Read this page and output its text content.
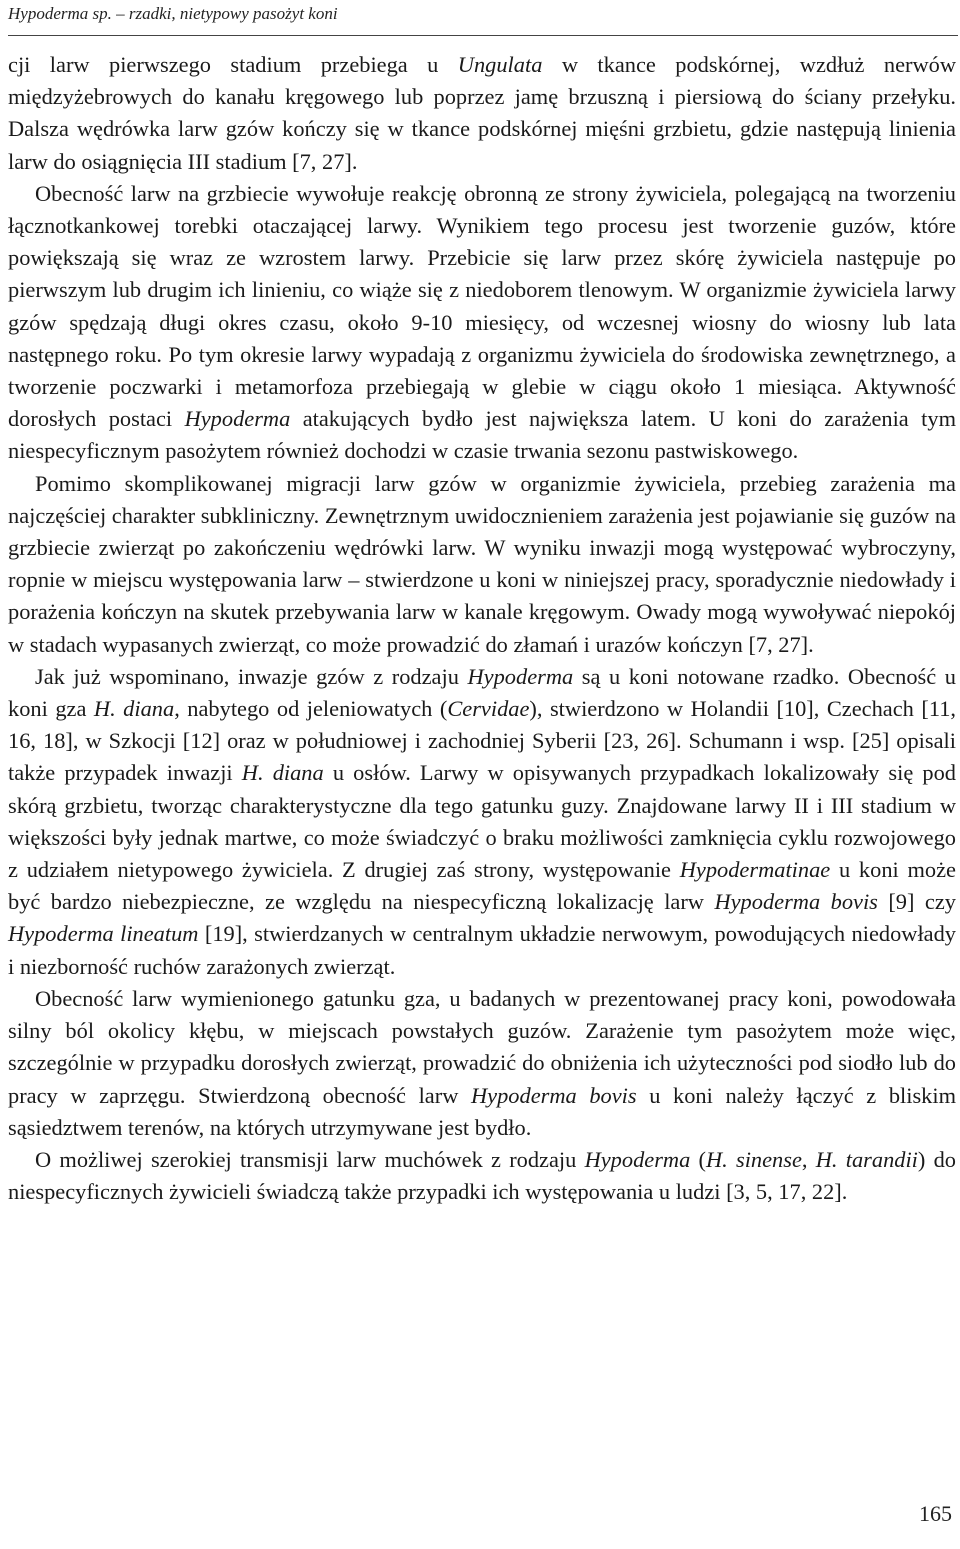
Hypoderma sp. – rzadki, nietypowy pasożyt koni

cji larw pierwszego stadium przebiega u Ungulata w tkance podskórnej, wzdłuż nerwów międzyżebrowych do kanału kręgowego lub poprzez jamę brzuszną i piersiową do ściany przełyku. Dalsza wędrówka larw gzów kończy się w tkance podskórnej mięśni grzbietu, gdzie następują linienia larw do osiągnięcia III stadium [7, 27].

Obecność larw na grzbiecie wywołuje reakcję obronną ze strony żywiciela, polegającą na tworzeniu łącznotkankowej torebki otaczającej larwy. Wynikiem tego procesu jest tworzenie guzów, które powiększają się wraz ze wzrostem larwy. Przebicie się larw przez skórę żywiciela następuje po pierwszym lub drugim ich linieniu, co wiąże się z niedoborem tlenowym. W organizmie żywiciela larwy gzów spędzają długi okres czasu, około 9-10 miesięcy, od wczesnej wiosny do wiosny lub lata następnego roku. Po tym okresie larwy wypadają z organizmu żywiciela do środowiska zewnętrznego, a tworzenie poczwarki i metamorfoza przebiegają w glebie w ciągu około 1 miesiąca. Aktywność dorosłych postaci Hypoderma atakujących bydło jest największa latem. U koni do zarażenia tym niespecyficznym pasożytem również dochodzi w czasie trwania sezonu pastwiskowego.

Pomimo skomplikowanej migracji larw gzów w organizmie żywiciela, przebieg zarażenia ma najczęściej charakter subkliniczny. Zewnętrznym uwidocznieniem zarażenia jest pojawianie się guzów na grzbiecie zwierząt po zakończeniu wędrówki larw. W wyniku inwazji mogą występować wybroczyny, ropnie w miejscu występowania larw – stwierdzone u koni w niniejszej pracy, sporadycznie niedowłady i porażenia kończyn na skutek przebywania larw w kanale kręgowym. Owady mogą wywoływać niepokój w stadach wypasanych zwierząt, co może prowadzić do złamań i urazów kończyn [7, 27].

Jak już wspominano, inwazje gzów z rodzaju Hypoderma są u koni notowane rzadko. Obecność u koni gza H. diana, nabytego od jeleniowatych (Cervidae), stwierdzono w Holandii [10], Czechach [11, 16, 18], w Szkocji [12] oraz w południowej i zachodniej Syberii [23, 26]. Schumann i wsp. [25] opisali także przypadek inwazji H. diana u osłów. Larwy w opisywanych przypadkach lokalizowały się pod skórą grzbietu, tworząc charakterystyczne dla tego gatunku guzy. Znajdowane larwy II i III stadium w większości były jednak martwe, co może świadczyć o braku możliwości zamknięcia cyklu rozwojowego z udziałem nietypowego żywiciela. Z drugiej zaś strony, występowanie Hypodermatinae u koni może być bardzo niebezpieczne, ze względu na niespecyficzną lokalizację larw Hypoderma bovis [9] czy Hypoderma lineatum [19], stwierdzanych w centralnym układzie nerwowym, powodujących niedowłady i niezborność ruchów zarażonych zwierząt.

Obecność larw wymienionego gatunku gza, u badanych w prezentowanej pracy koni, powodowała silny ból okolicy kłębu, w miejscach powstałych guzów. Zarażenie tym pasożytem może więc, szczególnie w przypadku dorosłych zwierząt, prowadzić do obniżenia ich użyteczności pod siodło lub do pracy w zaprzęgu. Stwierdzoną obecność larw Hypoderma bovis u koni należy łączyć z bliskim sąsiedztwem terenów, na których utrzymywane jest bydło.

O możliwej szerokiej transmisji larw muchówek z rodzaju Hypoderma (H. sinense, H. tarandii) do niespecyficznych żywicieli świadczą także przypadki ich występowania u ludzi [3, 5, 17, 22].

165
